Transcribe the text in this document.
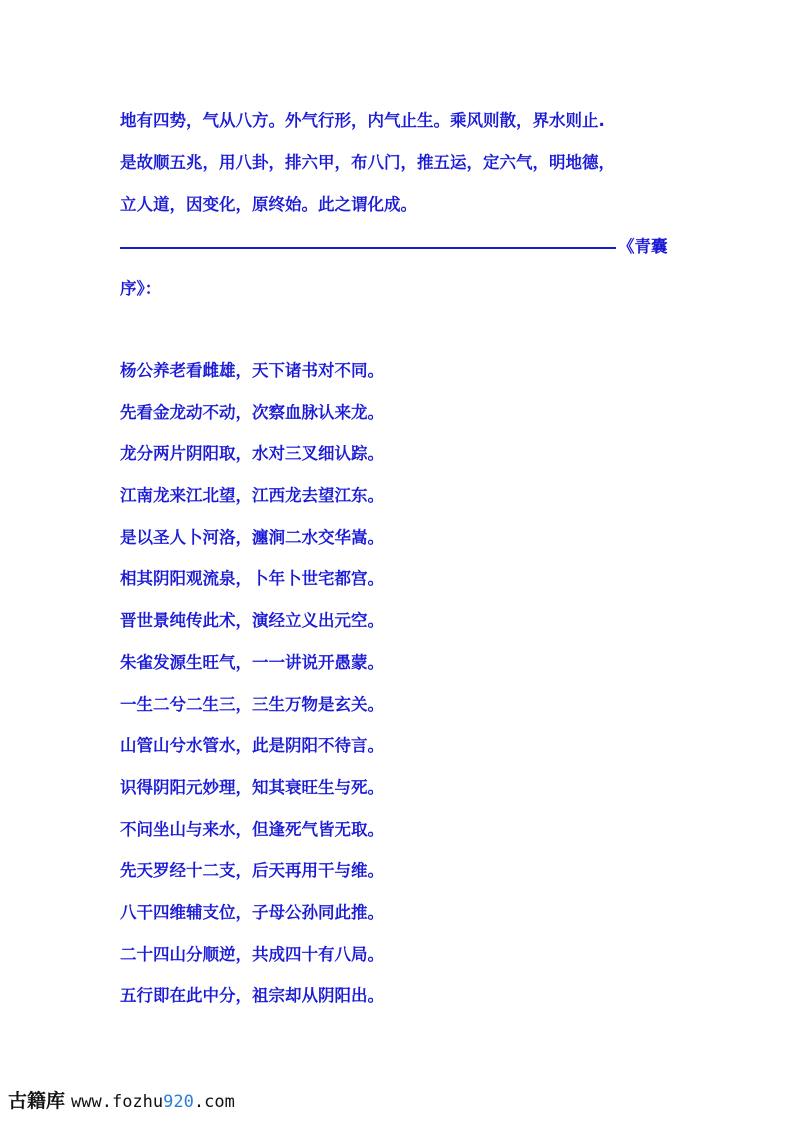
地有四势，气从八方。外气行形，内气止生。乘风则散，界水则止.
是故顺五兆，用八卦，排六甲，布八门，推五运，定六气，明地德，
立人道，因变化，原终始。此之谓化成。
《青囊
序》：
杨公养老看雌雄，天下诸书对不同。
先看金龙动不动，次察血脉认来龙。
龙分两片阴阳取，水对三叉细认踪。
江南龙来江北望，江西龙去望江东。
是以圣人卜河洛，瀍涧二水交华嵩。
相其阴阳观流泉，卜年卜世宅都宫。
晋世景纯传此术，演经立义出元空。
朱雀发源生旺气，一一讲说开愚蒙。
一生二兮二生三，三生万物是玄关。
山管山兮水管水，此是阴阳不待言。
识得阴阳元妙理，知其衰旺生与死。
不问坐山与来水，但逢死气皆无取。
先天罗经十二支，后天再用干与维。
八干四维辅支位，子母公孙同此推。
二十四山分顺逆，共成四十有八局。
五行即在此中分，祖宗却从阴阳出。
古籍库 www.fozhu920.com
